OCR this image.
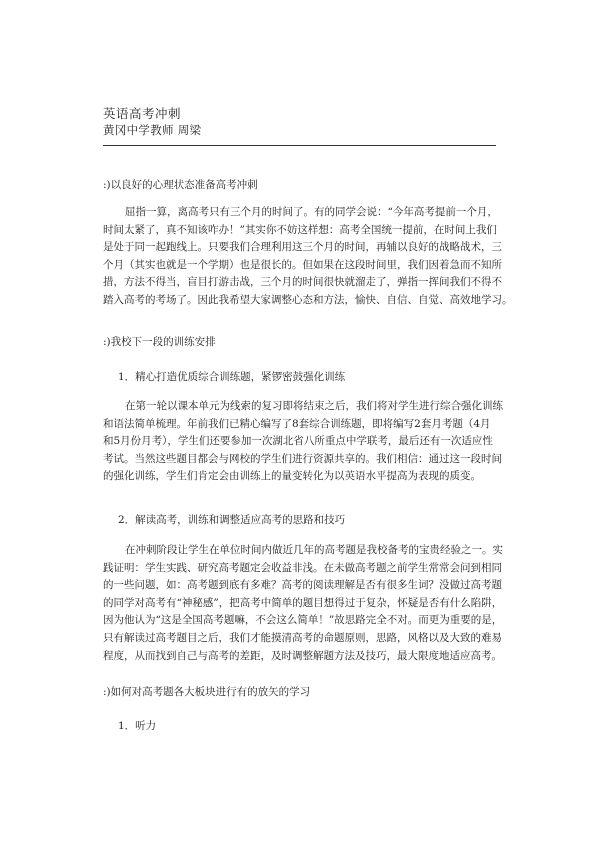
英语高考冲刺
黄冈中学教师 周梁
:)以良好的心理状态准备高考冲刺
屈指一算，离高考只有三个月的时间了。有的同学会说：“今年高考提前一个月，
时间太紧了，真不知该咋办！”其实你不妨这样想：高考全国统一提前，在时间上我们
是处于同一起跑线上。只要我们合理利用这三个月的时间，再辅以良好的战略战术，三
个月（其实也就是一个学期）也是很长的。但如果在这段时间里，我们因着急而不知所
措，方法不得当，盲目打游击战，三个月的时间很快就溜走了，弹指一挥间我们不得不
踏入高考的考场了。因此我希望大家调整心态和方法，愉快、自信、自觉、高效地学习。
:)我校下一段的训练安排
1．精心打造优质综合训练题，紧锣密鼓强化训练
在第一轮以课本单元为线索的复习即将结束之后，我们将对学生进行综合强化训练
和语法简单梳理。年前我们已精心编写了8套综合训练题，即将编写2套月考题（4月
和5月份月考），学生们还要参加一次湖北省八所重点中学联考，最后还有一次适应性
考试。当然这些题目都会与网校的学生们进行资源共享的。我们相信：通过这一段时间
的强化训练，学生们肯定会由训练上的量变转化为以英语水平提高为表现的质变。
2．解读高考，训练和调整适应高考的思路和技巧
在冲刺阶段让学生在单位时间内做近几年的高考题是我校备考的宝贵经验之一。实
践证明：学生实践、研究高考题定会收益非浅。在未做高考题之前学生常常会问到相同
的一些问题，如：高考题到底有多难？高考的阅读理解是否有很多生词？没做过高考题
的同学对高考有“神秘感”，把高考中简单的题目想得过于复杂，怀疑是否有什么陷阱，
因为他认为“这是全国高考题嘛，不会这么简单！”故思路完全不对。而更为重要的是，
只有解读过高考题目之后，我们才能摸清高考的命题原则，思路，风格以及大致的难易
程度，从而找到自己与高考的差距，及时调整解题方法及技巧，最大限度地适应高考。
:)如何对高考题各大板块进行有的放矢的学习
1．听力
